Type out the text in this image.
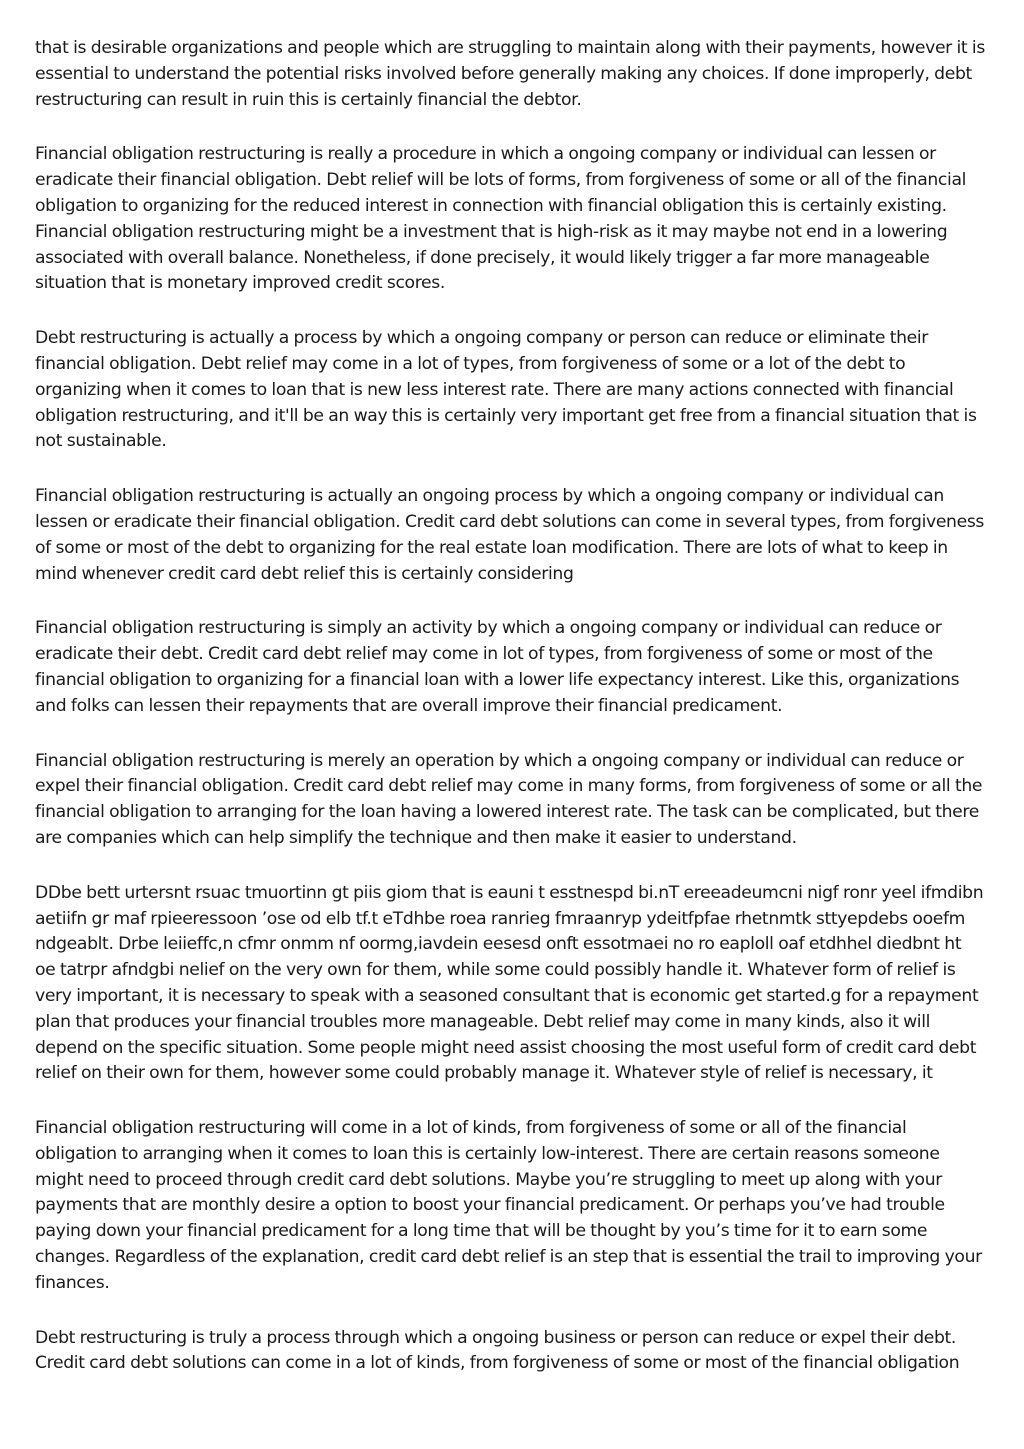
that is desirable organizations and people which are struggling to maintain along with their payments, however it is essential to understand the potential risks involved before generally making any choices. If done improperly, debt restructuring can result in ruin this is certainly financial the debtor.

Financial obligation restructuring is really a procedure in which a ongoing company or individual can lessen or eradicate their financial obligation. Debt relief will be lots of forms, from forgiveness of some or all of the financial obligation to organizing for the reduced interest in connection with financial obligation this is certainly existing. Financial obligation restructuring might be a investment that is high-risk as it may maybe not end in a lowering associated with overall balance. Nonetheless, if done precisely, it would likely trigger a far more manageable situation that is monetary improved credit scores.

Debt restructuring is actually a process by which a ongoing company or person can reduce or eliminate their financial obligation. Debt relief may come in a lot of types, from forgiveness of some or a lot of the debt to organizing when it comes to loan that is new less interest rate. There are many actions connected with financial obligation restructuring, and it'll be an way this is certainly very important get free from a financial situation that is not sustainable.

Financial obligation restructuring is actually an ongoing process by which a ongoing company or individual can lessen or eradicate their financial obligation. Credit card debt solutions can come in several types, from forgiveness of some or most of the debt to organizing for the real estate loan modification. There are lots of what to keep in mind whenever credit card debt relief this is certainly considering

Financial obligation restructuring is simply an activity by which a ongoing company or individual can reduce or eradicate their debt. Credit card debt relief may come in lot of types, from forgiveness of some or most of the financial obligation to organizing for a financial loan with a lower life expectancy interest. Like this, organizations and folks can lessen their repayments that are overall improve their financial predicament.

Financial obligation restructuring is merely an operation by which a ongoing company or individual can reduce or expel their financial obligation. Credit card debt relief may come in many forms, from forgiveness of some or all the financial obligation to arranging for the loan having a lowered interest rate. The task can be complicated, but there are companies which can help simplify the technique and then make it easier to understand.

DDbe bett urtersnt rsuac tmuortinn gt piis giom that is eauni t esstnespd bi.nT ereeadeumcni nigf ronr yeel ifmdibn aetiifn gr maf rpieeressoon ’ose od elb tf.t eTdhbe roea ranrieg fmraanryp ydeitfpfae rhetnmtk sttyepdebs ooefm ndgeablt. Drbe leiieffc,n cfmr onmm nf oormg,iavdein eesesd onft essotmaei no ro eaploll oaf etdhhel diedbnt ht oe tatrpr afndgbi nelief on the very own for them, while some could possibly handle it. Whatever form of relief is very important, it is necessary to speak with a seasoned consultant that is economic get started.g for a repayment plan that produces your financial troubles more manageable. Debt relief may come in many kinds, also it will depend on the specific situation. Some people might need assist choosing the most useful form of credit card debt relief on their own for them, however some could probably manage it. Whatever style of relief is necessary, it

Financial obligation restructuring will come in a lot of kinds, from forgiveness of some or all of the financial obligation to arranging when it comes to loan this is certainly low-interest. There are certain reasons someone might need to proceed through credit card debt solutions. Maybe you’re struggling to meet up along with your payments that are monthly desire a option to boost your financial predicament. Or perhaps you’ve had trouble paying down your financial predicament for a long time that will be thought by you’s time for it to earn some changes. Regardless of the explanation, credit card debt relief is an step that is essential the trail to improving your finances.

Debt restructuring is truly a process through which a ongoing business or person can reduce or expel their debt. Credit card debt solutions can come in a lot of kinds, from forgiveness of some or most of the financial obligation
